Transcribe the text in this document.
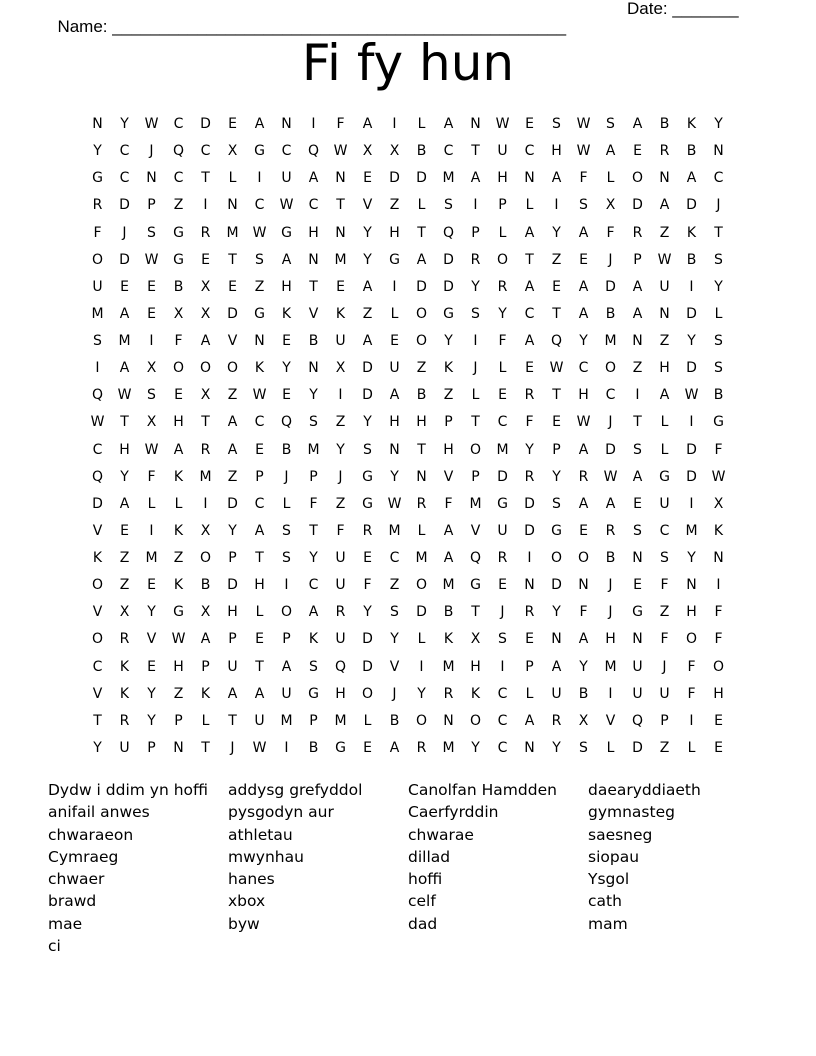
Name: ________________________________________________

Date: _______

Fi fy hun
N	Y	W	C	D	E	A	N	I	F	A	I	L	A	N	W	E	S	W	S	A	B	K	Y
Y	C	J	Q	C	X	G	C	Q	W	X	X	B	C	T	U	C	H	W	A	E	R	B	N
G	C	N	C	T	L	I	U	A	N	E	D	D	M	A	H	N	A	F	L	O	N	A	C
R	D	P	Z	I	N	C	W	C	T	V	Z	L	S	I	P	L	I	S	X	D	A	D	J
F	J	S	G	R	M	W	G	H	N	Y	H	T	Q	P	L	A	Y	A	F	R	Z	K	T
O	D	W	G	E	T	S	A	N	M	Y	G	A	D	R	O	T	Z	E	J	P	W	B	S
U	E	E	B	X	E	Z	H	T	E	A	I	D	D	Y	R	A	E	A	D	A	U	I	Y
M	A	E	X	X	D	G	K	V	K	Z	L	O	G	S	Y	C	T	A	B	A	N	D	L
S	M	I	F	A	V	N	E	B	U	A	E	O	Y	I	F	A	Q	Y	M	N	Z	Y	S
I	A	X	O	O	O	K	Y	N	X	D	U	Z	K	J	L	E	W	C	O	Z	H	D	S
Q	W	S	E	X	Z	W	E	Y	I	D	A	B	Z	L	E	R	T	H	C	I	A	W	B
W	T	X	H	T	A	C	Q	S	Z	Y	H	H	P	T	C	F	E	W	J	T	L	I	G
C	H	W	A	R	A	E	B	M	Y	S	N	T	H	O	M	Y	P	A	D	S	L	D	F
Q	Y	F	K	M	Z	P	J	P	J	G	Y	N	V	P	D	R	Y	R	W	A	G	D	W
D	A	L	L	I	D	C	L	F	Z	G	W	R	F	M	G	D	S	A	A	E	U	I	X
V	E	I	K	X	Y	A	S	T	F	R	M	L	A	V	U	D	G	E	R	S	C	M	K
K	Z	M	Z	O	P	T	S	Y	U	E	C	M	A	Q	R	I	O	O	B	N	S	Y	N
O	Z	E	K	B	D	H	I	C	U	F	Z	O	M	G	E	N	D	N	J	E	F	N	I
V	X	Y	G	X	H	L	O	A	R	Y	S	D	B	T	J	R	Y	F	J	G	Z	H	F
O	R	V	W	A	P	E	P	K	U	D	Y	L	K	X	S	E	N	A	H	N	F	O	F
C	K	E	H	P	U	T	A	S	Q	D	V	I	M	H	I	P	A	Y	M	U	J	F	O
V	K	Y	Z	K	A	A	U	G	H	O	J	Y	R	K	C	L	U	B	I	U	U	F	H
T	R	Y	P	L	T	U	M	P	M	L	B	O	N	O	C	A	R	X	V	Q	P	I	E
Y	U	P	N	T	J	W	I	B	G	E	A	R	M	Y	C	N	Y	S	L	D	Z	L	E
Dydw i ddim yn hoffi	addysg grefyddol	Canolfan Hamdden	daearyddiaeth
anifail anwes	pysgodyn aur	Caerfyrddin	gymnasteg
chwaraeon	athletau	chwarae	saesneg
Cymraeg	mwynhau	dillad	siopau
chwaer	hanes	hoffi	Ysgol
brawd	xbox	celf	cath
mae	byw	dad	mam
ci
